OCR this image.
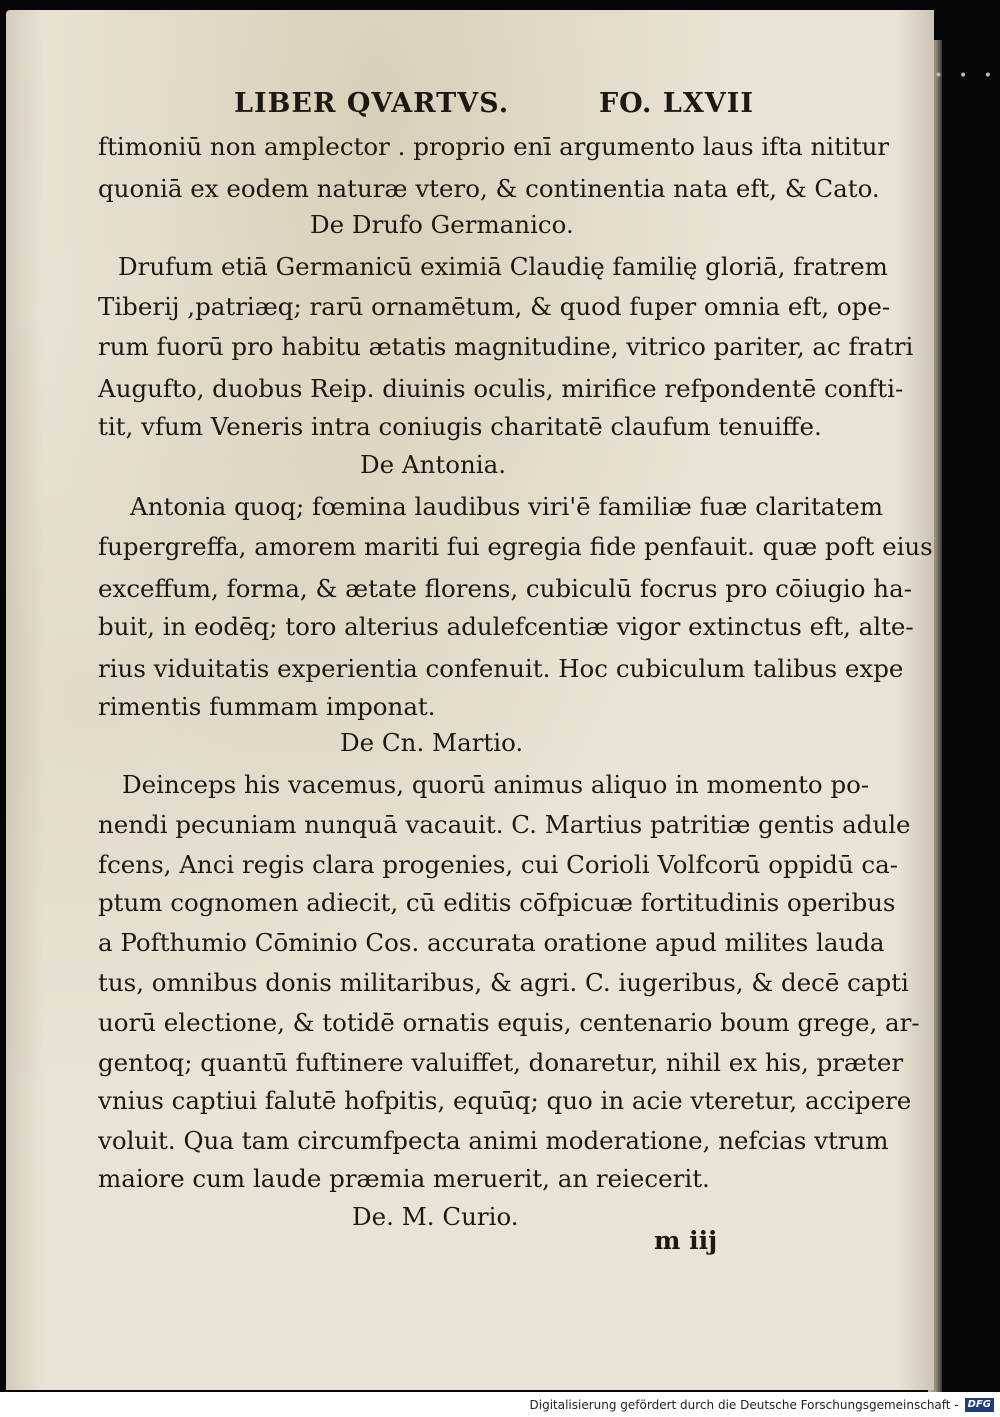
• • •
LIBER QVARTVS.	FO. LXVII
ftimoniū non amplector . proprio enī argumento laus ifta nititur
quoniā ex eodem naturæ vtero, & continentia nata eft, & Cato.
De Drufo Germanico.
Drufum etiā Germanicū eximiā Claudię familię gloriā, fratrem
Tiberij ,patriæq; rarū ornamētum, & quod fuper omnia eft, ope-
rum fuorū pro habitu ætatis magnitudine, vitrico pariter, ac fratri
Augufto, duobus Reip. diuinis oculis, mirifice refpondentē confti-
tit, vfum Veneris intra coniugis charitatē claufum tenuiffe.
De Antonia.
Antonia quoq; fœmina laudibus viri'ē familiæ fuæ claritatem
fupergreffa, amorem mariti fui egregia fide penfauit. quæ poft eius
exceffum, forma, & ætate florens, cubiculū focrus pro cōiugio ha-
buit, in eodēq; toro alterius adulefcentiæ vigor extinctus eft, alte-
rius viduitatis experientia confenuit. Hoc cubiculum talibus expe
rimentis fummam imponat.
De Cn. Martio.
Deinceps his vacemus, quorū animus aliquo in momento po-
nendi pecuniam nunquā vacauit. C. Martius patritiæ gentis adule
fcens, Anci regis clara progenies, cui Corioli Volfcorū oppidū ca-
ptum cognomen adiecit, cū editis cōfpicuæ fortitudinis operibus
a Pofthumio Cōminio Cos. accurata oratione apud milites lauda
tus, omnibus donis militaribus, & agri. C. iugeribus, & decē capti
uorū electione, & totidē ornatis equis, centenario boum grege, ar-
gentoq; quantū fuftinere valuiffet, donaretur, nihil ex his, præter
vnius captiui falutē hofpitis, equūq; quo in acie vteretur, accipere
voluit. Qua tam circumfpecta animi moderatione, nefcias vtrum
maiore cum laude præmia meruerit, an reiecerit.
De. M. Curio.
m iij
Digitalisierung gefördert durch die Deutsche Forschungsgemeinschaft - DFG
